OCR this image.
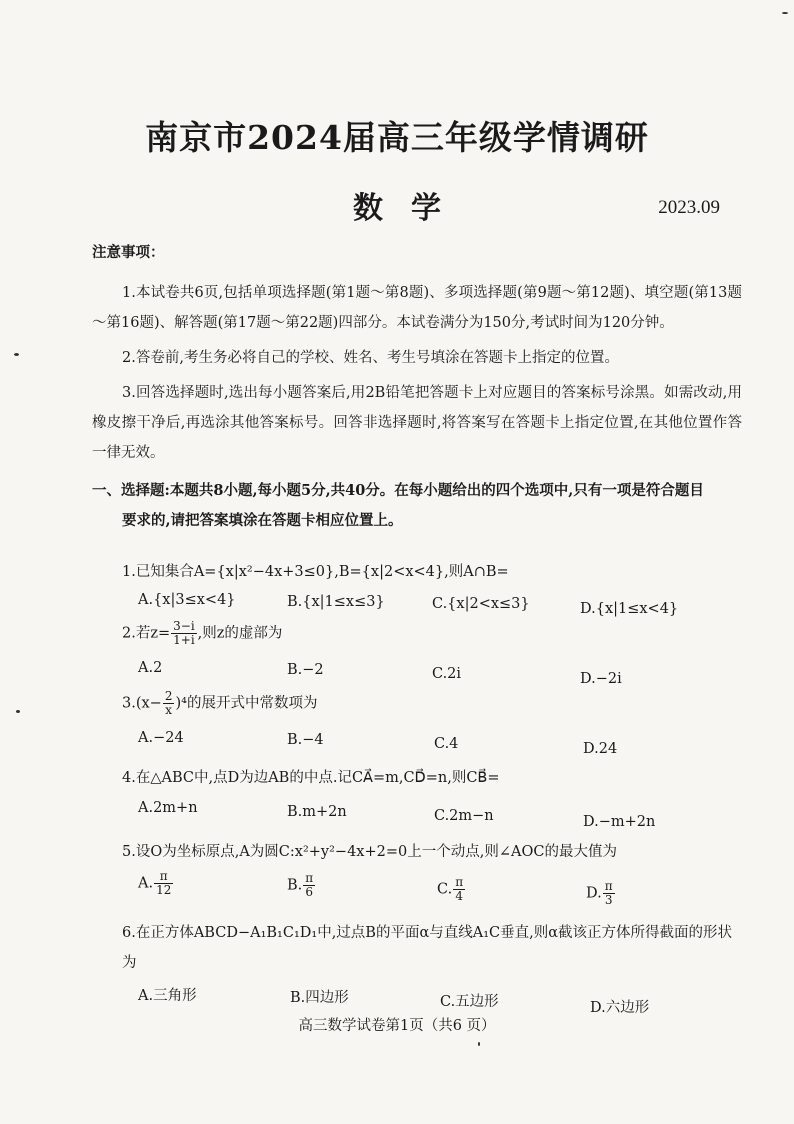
南京市2024届高三年级学情调研
数学	2023.09
注意事项：
1.本试卷共6页,包括单项选择题(第1题～第8题)、多项选择题(第9题～第12题)、填空题(第13题～第16题)、解答题(第17题～第22题)四部分。本试卷满分为150分,考试时间为120分钟。
2.答卷前,考生务必将自己的学校、姓名、考生号填涂在答题卡上指定的位置。
3.回答选择题时,选出每小题答案后,用2B铅笔把答题卡上对应题目的答案标号涂黑。如需改动,用橡皮擦干净后,再选涂其他答案标号。回答非选择题时,将答案写在答题卡上指定位置,在其他位置作答一律无效。
一、选择题:本题共8小题,每小题5分,共40分。在每小题给出的四个选项中,只有一项是符合题目
要求的,请把答案填涂在答题卡相应位置上。
1.已知集合A={x|x²−4x+3≤0},B={x|2<x<4},则A∩B=
A.{x|3≤x<4}	B.{x|1≤x≤3}	C.{x|2<x≤3}	D.{x|1≤x<4}
2.若$z= \frac{3-i}{1+i}$ ,则z的虚部为
A.2	B.−2	C.2i	D.−2i
$3.(x- \frac{2}{x} )^4$的展开式中常数项为
A.−24	B.−4	C.4	D.24
4.在△ABC中,点D为边AB的中点.记CA⃗=m,CD⃗=n,则CB⃗=
A.2m+n	B.m+2n	C.2m−n	D.−m+2n
5.设O为坐标原点,A为圆C:x²+y²−4x+2=0上一个动点,则∠AOC的最大值为
A. $\frac{\pi}{12}$	B. $\frac{\pi}{6}$	C. $\frac{\pi}{4}$	D. $\frac{\pi}{3}$
6.在正方体ABCD−A₁B₁C₁D₁中,过点B的平面α与直线A₁C垂直,则α截该正方体所得截面的形状为
A.三角形	B.四边形	C.五边形	D.六边形
高三数学试卷第1页（共6 页）
